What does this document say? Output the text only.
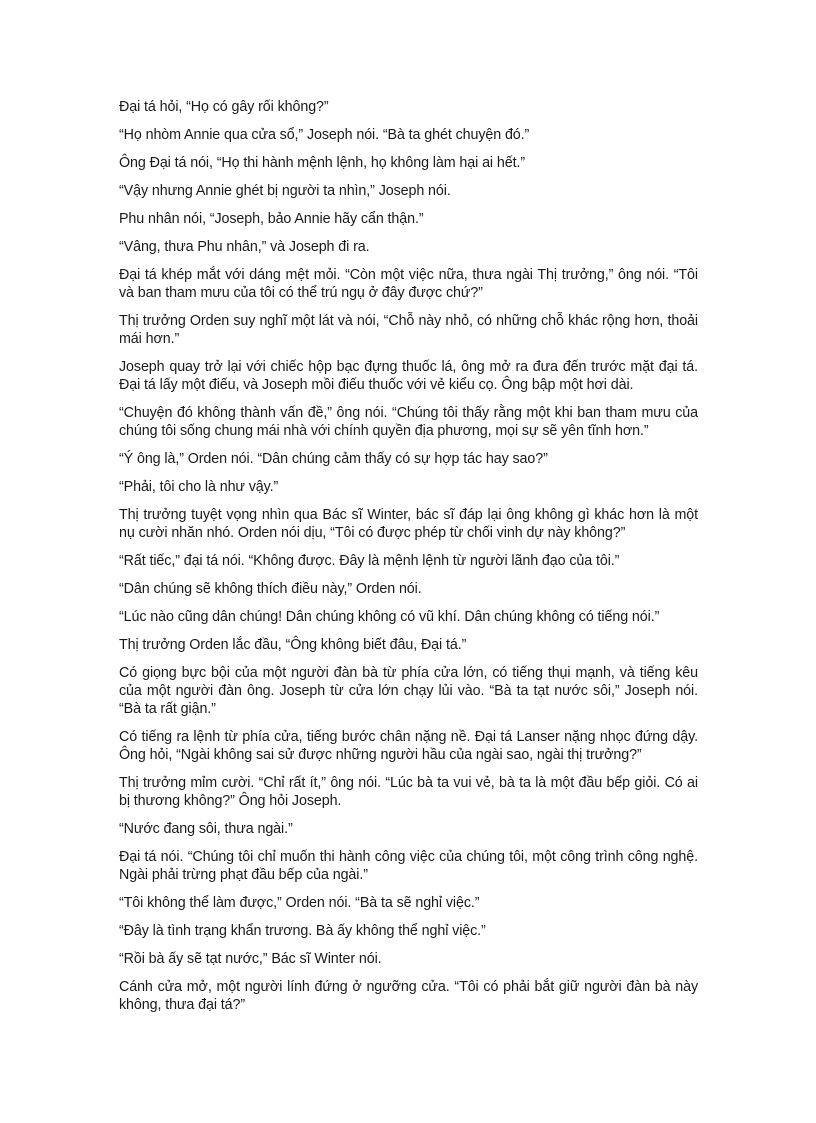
Đại tá hỏi, “Họ có gây rối không?”

“Họ nhòm Annie qua cửa sổ,” Joseph nói. “Bà ta ghét chuyện đó.”

Ông Đại tá nói, “Họ thi hành mệnh lệnh, họ không làm hại ai hết.”

“Vậy nhưng Annie ghét bị người ta nhìn,” Joseph nói.

Phu nhân nói, “Joseph, bảo Annie hãy cẩn thận.”

“Vâng, thưa Phu nhân,” và Joseph đi ra.

Đại tá khép mắt với dáng mệt mỏi. “Còn một việc nữa, thưa ngài Thị trưởng,” ông nói. “Tôi và ban tham mưu của tôi có thể trú ngụ ở đây được chứ?”

Thị trưởng Orden suy nghĩ một lát và nói, “Chỗ này nhỏ, có những chỗ khác rộng hơn, thoải mái hơn.”

Joseph quay trở lại với chiếc hộp bạc đựng thuốc lá, ông mở ra đưa đến trước mặt đại tá. Đại tá lấy một điếu, và Joseph mồi điếu thuốc với vẻ kiểu cọ. Ông bập một hơi dài.

“Chuyện đó không thành vấn đề,” ông nói. “Chúng tôi thấy rằng một khi ban tham mưu của chúng tôi sống chung mái nhà với chính quyền địa phương, mọi sự sẽ yên tĩnh hơn.”

“Ý ông là,” Orden nói. “Dân chúng cảm thấy có sự hợp tác hay sao?”

“Phải, tôi cho là như vậy.”

Thị trưởng tuyệt vọng nhìn qua Bác sĩ Winter, bác sĩ đáp lại ông không gì khác hơn là một nụ cười nhăn nhó. Orden nói dịu, “Tôi có được phép từ chối vinh dự này không?”

“Rất tiếc,” đại tá nói. “Không được. Đây là mệnh lệnh từ người lãnh đạo của tôi.”

“Dân chúng sẽ không thích điều này,” Orden nói.

“Lúc nào cũng dân chúng! Dân chúng không có vũ khí. Dân chúng không có tiếng nói.”

Thị trưởng Orden lắc đầu, “Ông không biết đâu, Đại tá.”

Có giọng bực bội của một người đàn bà từ phía cửa lớn, có tiếng thụi mạnh, và tiếng kêu của một người đàn ông. Joseph từ cửa lớn chạy lủi vào. “Bà ta tạt nước sôi,” Joseph nói. “Bà ta rất giận.”

Có tiếng ra lệnh từ phía cửa, tiếng bước chân nặng nề. Đại tá Lanser nặng nhọc đứng dậy. Ông hỏi, “Ngài không sai sử được những người hầu của ngài sao, ngài thị trưởng?”

Thị trưởng mỉm cười. “Chỉ rất ít,” ông nói. “Lúc bà ta vui vẻ, bà ta là một đầu bếp giỏi. Có ai bị thương không?” Ông hỏi Joseph.

“Nước đang sôi, thưa ngài.”

Đại tá nói. “Chúng tôi chỉ muốn thi hành công việc của chúng tôi, một công trình công nghệ. Ngài phải trừng phạt đầu bếp của ngài.”

“Tôi không thể làm được,” Orden nói. “Bà ta sẽ nghỉ việc.”

“Đây là tình trạng khẩn trương. Bà ấy không thể nghỉ việc.”

“Rồi bà ấy sẽ tạt nước,” Bác sĩ Winter nói.

Cánh cửa mở, một người lính đứng ở ngưỡng cửa. “Tôi có phải bắt giữ người đàn bà này không, thưa đại tá?”
